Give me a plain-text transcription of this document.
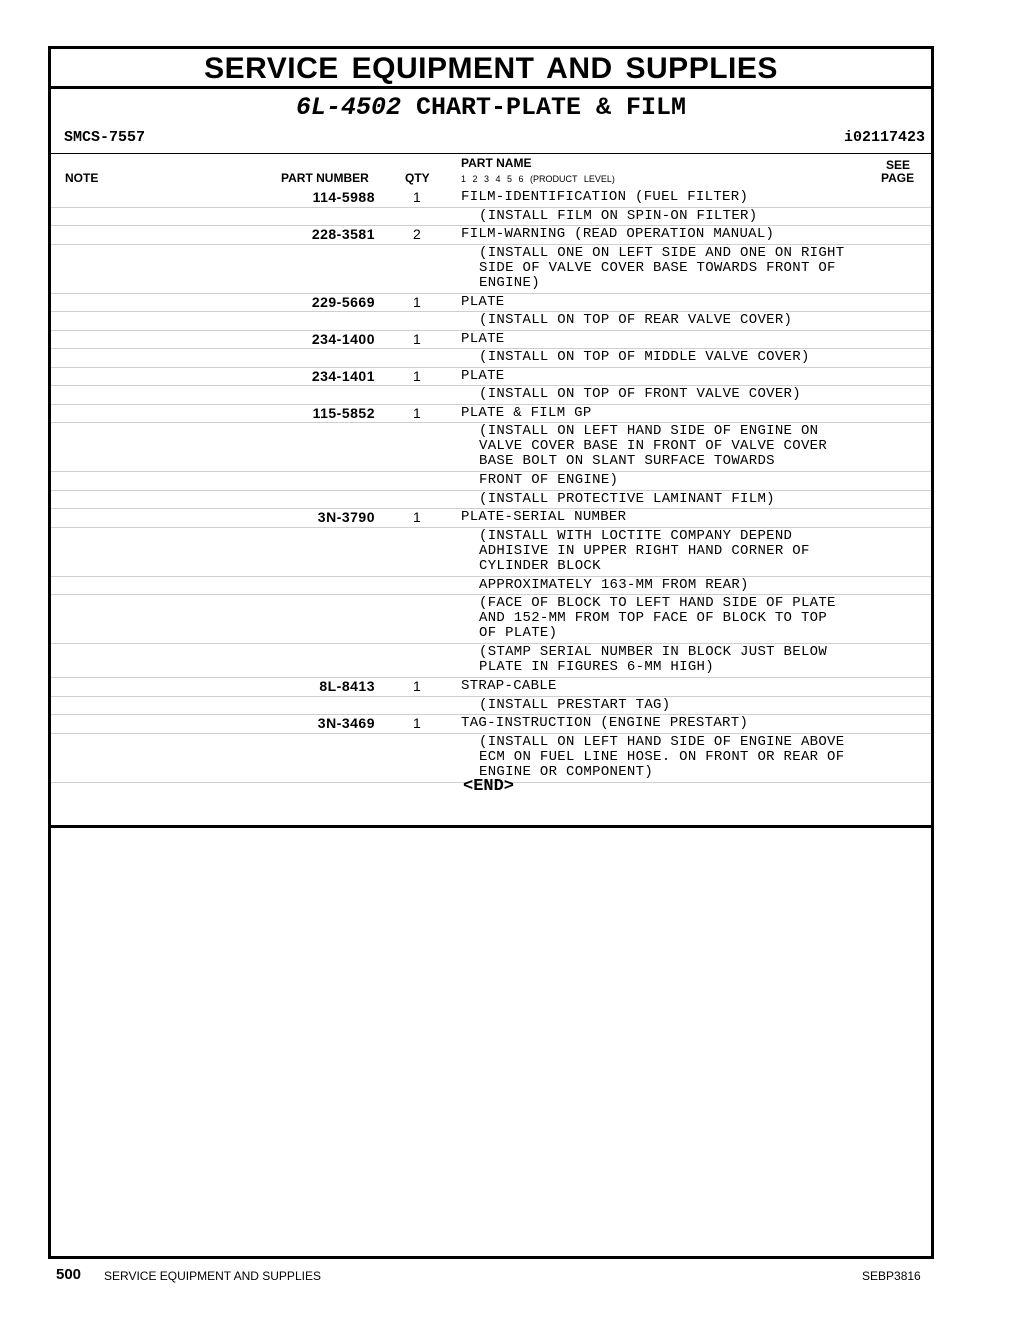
SERVICE EQUIPMENT AND SUPPLIES
6L-4502 CHART-PLATE & FILM
SMCS-7557	i02117423
PART NAME	SEE
NOTE	PART NUMBER	QTY	1 2 3 4 5 6 (PRODUCT LEVEL)	PAGE
114-5988	1	FILM-IDENTIFICATION (FUEL FILTER)
(INSTALL FILM ON SPIN-ON FILTER)
228-3581	2	FILM-WARNING (READ OPERATION MANUAL)
(INSTALL ONE ON LEFT SIDE AND ONE ON RIGHT
SIDE OF VALVE COVER BASE TOWARDS FRONT OF
ENGINE)
229-5669	1	PLATE
(INSTALL ON TOP OF REAR VALVE COVER)
234-1400	1	PLATE
(INSTALL ON TOP OF MIDDLE VALVE COVER)
234-1401	1	PLATE
(INSTALL ON TOP OF FRONT VALVE COVER)
115-5852	1	PLATE & FILM GP
(INSTALL ON LEFT HAND SIDE OF ENGINE ON
VALVE COVER BASE IN FRONT OF VALVE COVER
BASE BOLT ON SLANT SURFACE TOWARDS
FRONT OF ENGINE)
(INSTALL PROTECTIVE LAMINANT FILM)
3N-3790	1	PLATE-SERIAL NUMBER
(INSTALL WITH LOCTITE COMPANY DEPEND
ADHISIVE IN UPPER RIGHT HAND CORNER OF
CYLINDER BLOCK
APPROXIMATELY 163-MM FROM REAR)
(FACE OF BLOCK TO LEFT HAND SIDE OF PLATE
AND 152-MM FROM TOP FACE OF BLOCK TO TOP
OF PLATE)
(STAMP SERIAL NUMBER IN BLOCK JUST BELOW
PLATE IN FIGURES 6-MM HIGH)
8L-8413	1	STRAP-CABLE
(INSTALL PRESTART TAG)
3N-3469	1	TAG-INSTRUCTION (ENGINE PRESTART)
(INSTALL ON LEFT HAND SIDE OF ENGINE ABOVE
ECM ON FUEL LINE HOSE. ON FRONT OR REAR OF
ENGINE OR COMPONENT)
<END>
500 SERVICE EQUIPMENT AND SUPPLIES	SEBP3816
